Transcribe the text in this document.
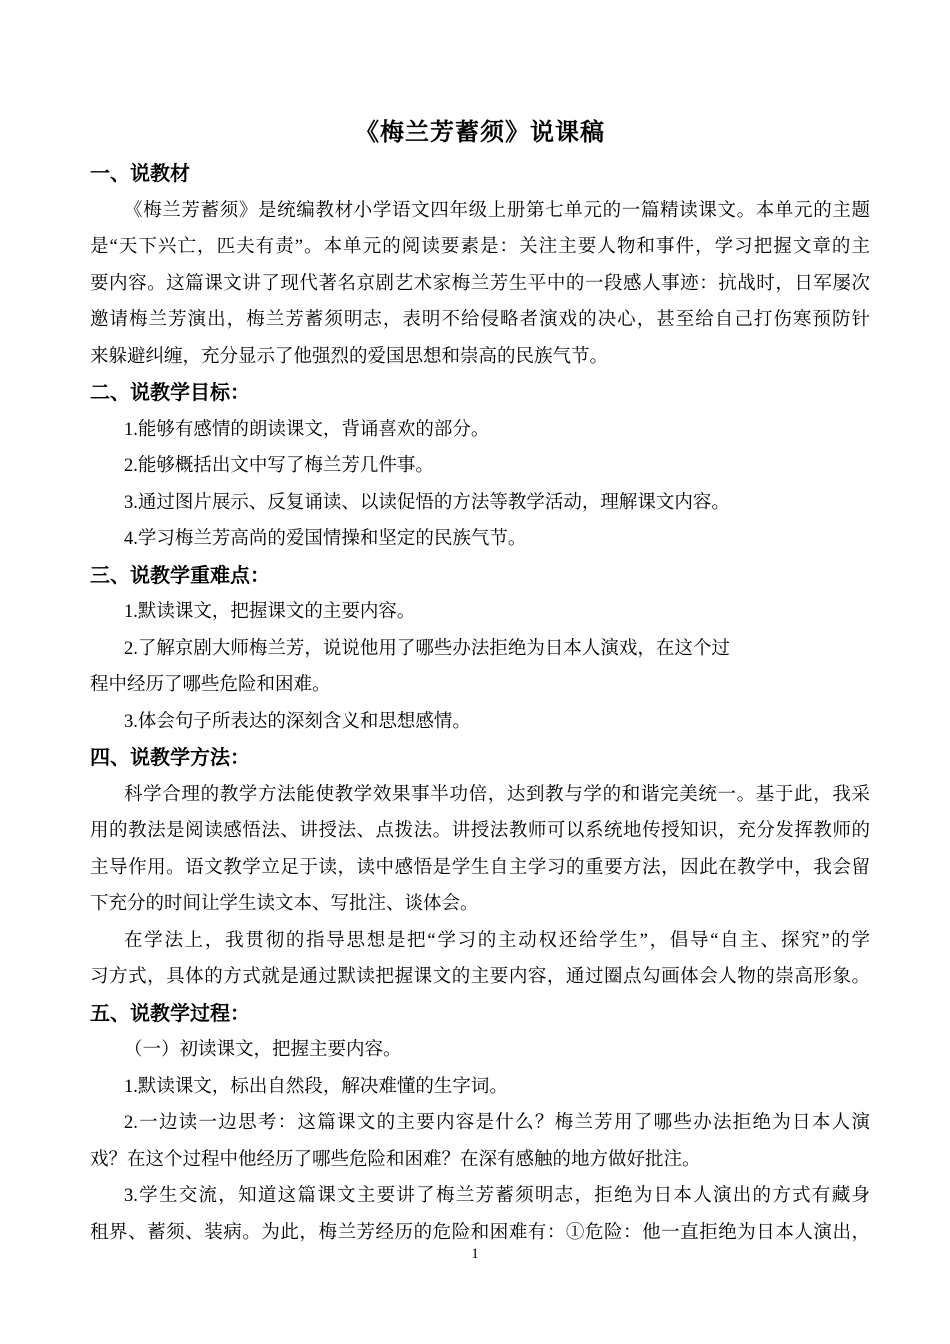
《梅兰芳蓄须》说课稿
一、说教材
《梅兰芳蓄须》是统编教材小学语文四年级上册第七单元的一篇精读课文。本单元的主题
是“天下兴亡，匹夫有责”。本单元的阅读要素是：关注主要人物和事件，学习把握文章的主
要内容。这篇课文讲了现代著名京剧艺术家梅兰芳生平中的一段感人事迹：抗战时，日军屡次
邀请梅兰芳演出，梅兰芳蓄须明志，表明不给侵略者演戏的决心，甚至给自己打伤寒预防针
来躲避纠缠，充分显示了他强烈的爱国思想和崇高的民族气节。
二、说教学目标：
1.能够有感情的朗读课文，背诵喜欢的部分。
2.能够概括出文中写了梅兰芳几件事。
3.通过图片展示、反复诵读、以读促悟的方法等教学活动，理解课文内容。
4.学习梅兰芳高尚的爱国情操和坚定的民族气节。
三、说教学重难点：
1.默读课文，把握课文的主要内容。
2.了解京剧大师梅兰芳，说说他用了哪些办法拒绝为日本人演戏，在这个过
程中经历了哪些危险和困难。
3.体会句子所表达的深刻含义和思想感情。
四、说教学方法：
科学合理的教学方法能使教学效果事半功倍，达到教与学的和谐完美统一。基于此，我采
用的教法是阅读感悟法、讲授法、点拨法。讲授法教师可以系统地传授知识，充分发挥教师的
主导作用。语文教学立足于读，读中感悟是学生自主学习的重要方法，因此在教学中，我会留
下充分的时间让学生读文本、写批注、谈体会。
在学法上，我贯彻的指导思想是把“学习的主动权还给学生”，倡导“自主、探究”的学
习方式，具体的方式就是通过默读把握课文的主要内容，通过圈点勾画体会人物的崇高形象。
五、说教学过程：
（一）初读课文，把握主要内容。
1.默读课文，标出自然段，解决难懂的生字词。
2.一边读一边思考：这篇课文的主要内容是什么？梅兰芳用了哪些办法拒绝为日本人演
戏？在这个过程中他经历了哪些危险和困难？在深有感触的地方做好批注。
3.学生交流，知道这篇课文主要讲了梅兰芳蓄须明志，拒绝为日本人演出的方式有藏身
租界、蓄须、装病。为此，梅兰芳经历的危险和困难有：①危险：他一直拒绝为日本人演出，
1
